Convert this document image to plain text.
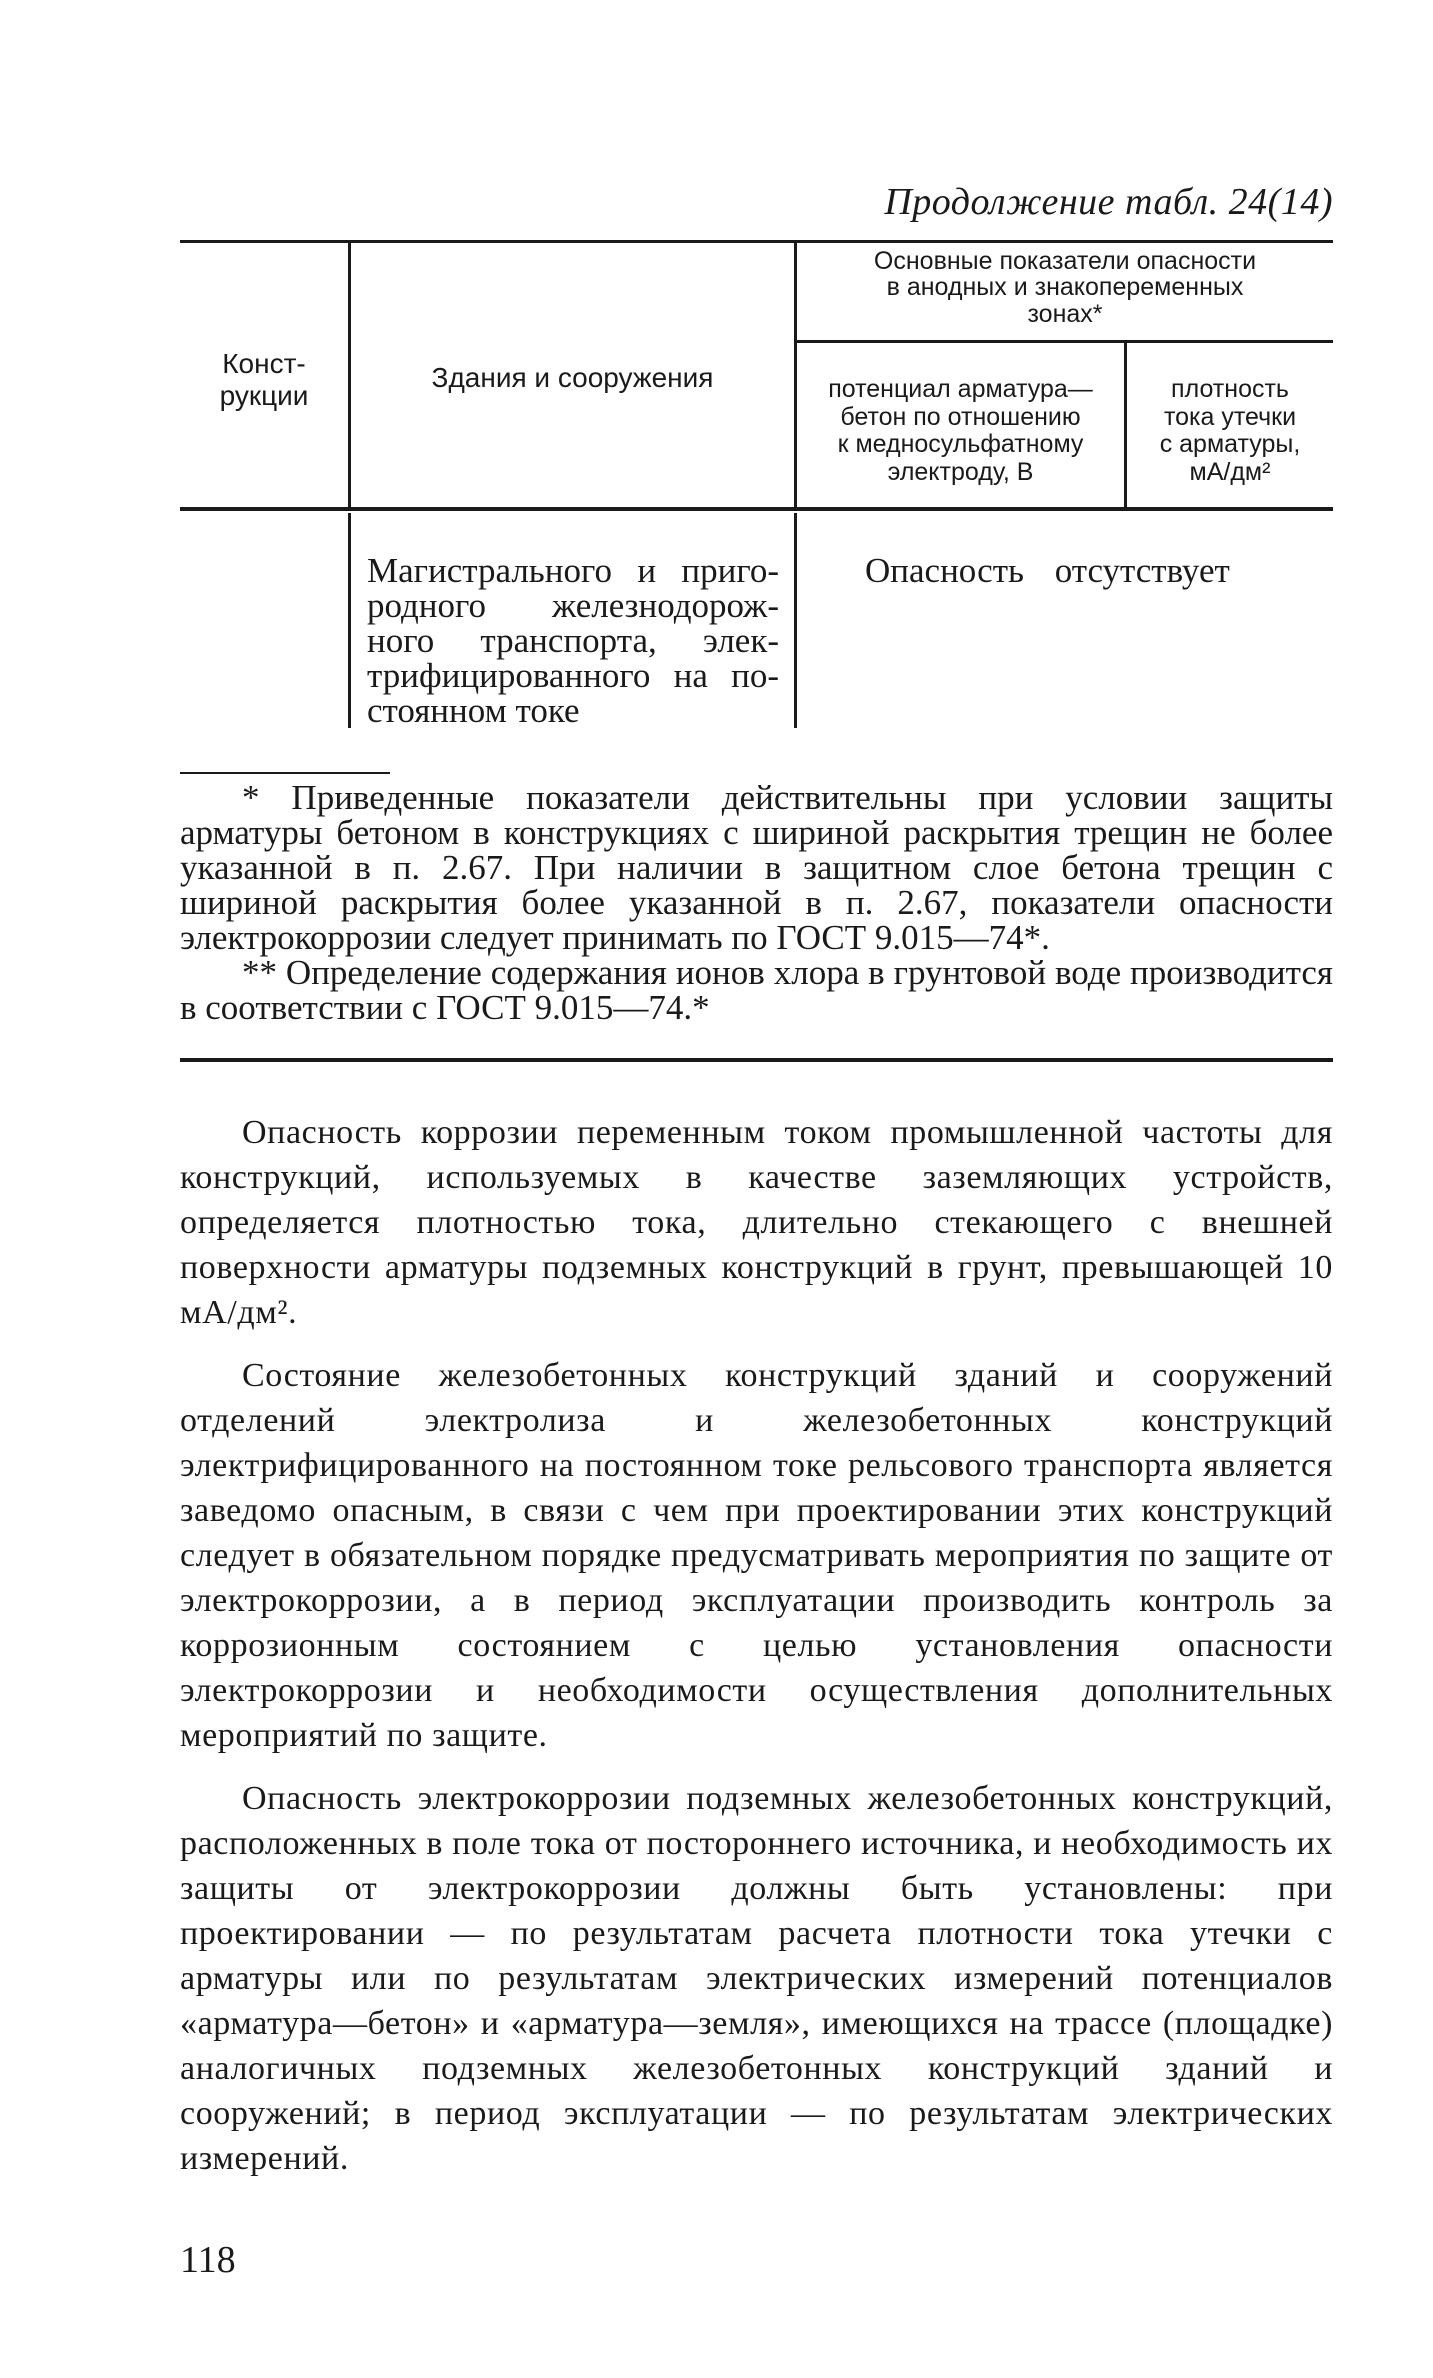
Продолжение табл. 24(14)
Конст-
рукции
Здания и сооружения
Основные показатели опасности
в анодных и знакопеременных
зонах*
потенциал арматура—
бетон по отношению
к медносульфатному
электроду, В
плотность
тока утечки
с арматуры,
мА/дм²
Магистрального и приго-родного железнодорож-ного транспорта, элек-трифицированного на по-стоянном токе
Опасность отсутствует

* Приведенные показатели действительны при условии защиты арматуры бетоном в конструкциях с шириной раскрытия трещин не более указанной в п. 2.67. При наличии в защитном слое бетона трещин с шириной раскрытия более указанной в п. 2.67, показатели опасности электрокоррозии следует принимать по ГОСТ 9.015—74*.

** Определение содержания ионов хлора в грунтовой воде производится в соответствии с ГОСТ 9.015—74.*

Опасность коррозии переменным током промышленной частоты для конструкций, используемых в качестве заземляющих устройств, определяется плотностью тока, длительно стекающего с внешней поверхности арматуры подземных конструкций в грунт, превышающей 10 мА/дм².

Состояние железобетонных конструкций зданий и сооружений отделений электролиза и железобетонных конструкций электрифицированного на постоянном токе рельсового транспорта является заведомо опасным, в связи с чем при проектировании этих конструкций следует в обязательном порядке предусматривать мероприятия по защите от электрокоррозии, а в период эксплуатации производить контроль за коррозионным состоянием с целью установления опасности электрокоррозии и необходимости осуществления дополнительных мероприятий по защите.

Опасность электрокоррозии подземных железобетонных конструкций, расположенных в поле тока от постороннего источника, и необходимость их защиты от электрокоррозии должны быть установлены: при проектировании — по результатам расчета плотности тока утечки с арматуры или по результатам электрических измерений потенциалов «арматура—бетон» и «арматура—земля», имеющихся на трассе (площадке) аналогичных подземных железобетонных конструкций зданий и сооружений; в период эксплуатации — по результатам электрических измерений.

118
